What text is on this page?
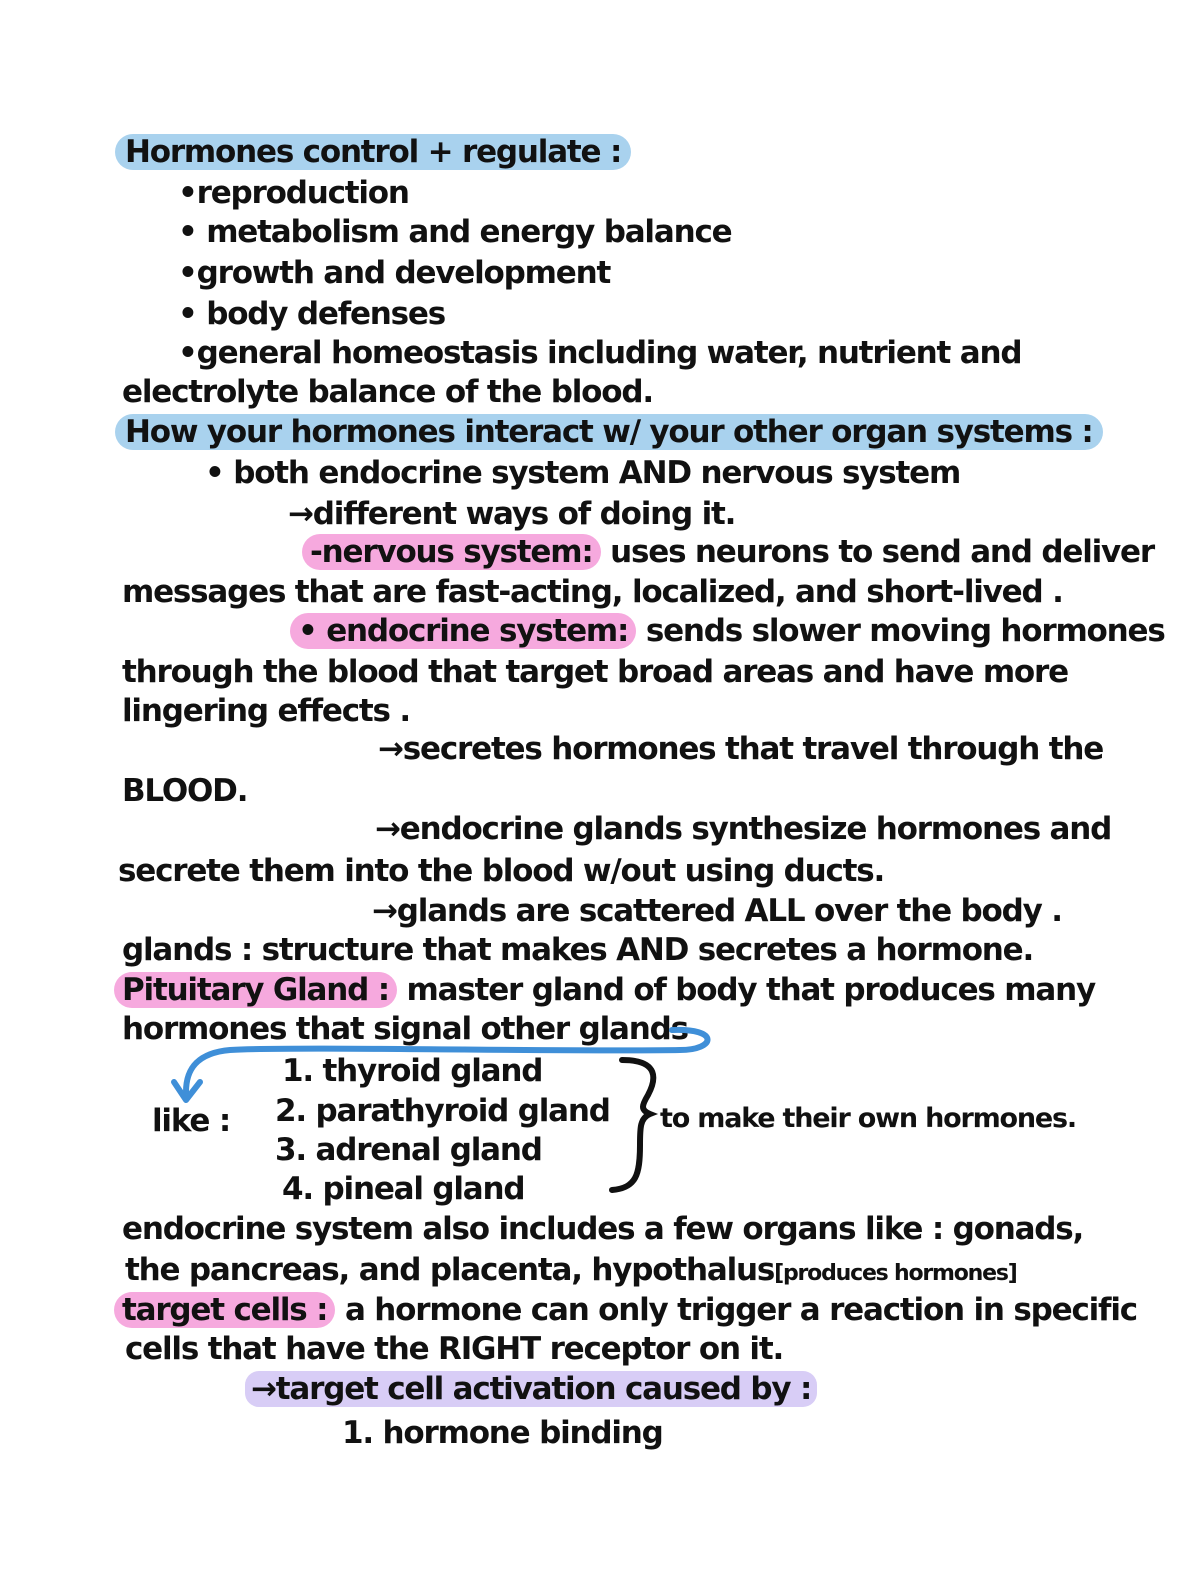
Hormones control + regulate :
•reproduction
• metabolism and energy balance
•growth and development
• body defenses
•general homeostasis including water, nutrient and
electrolyte balance of the blood.
How your hormones interact w/ your other organ systems :
• both endocrine system AND nervous system
→different ways of doing it.
-nervous system: uses neurons to send and deliver
messages that are fast-acting, localized, and short-lived .
• endocrine system: sends slower moving hormones
through the blood that target broad areas and have more
lingering effects .
→secretes hormones that travel through the
BLOOD.
→endocrine glands synthesize hormones and
secrete them into the blood w/out using ducts.
→glands are scattered ALL over the body .
glands : structure that makes AND secretes a hormone.
Pituitary Gland : master gland of body that produces many
hormones that signal other glands
like :
1. thyroid gland
2. parathyroid gland
3. adrenal gland
4. pineal gland
to make their own hormones.
endocrine system also includes a few organs like : gonads,
the pancreas, and placenta, hypothalus[produces hormones]
target cells : a hormone can only trigger a reaction in specific
cells that have the RIGHT receptor on it.
→target cell activation caused by :
1. hormone binding
